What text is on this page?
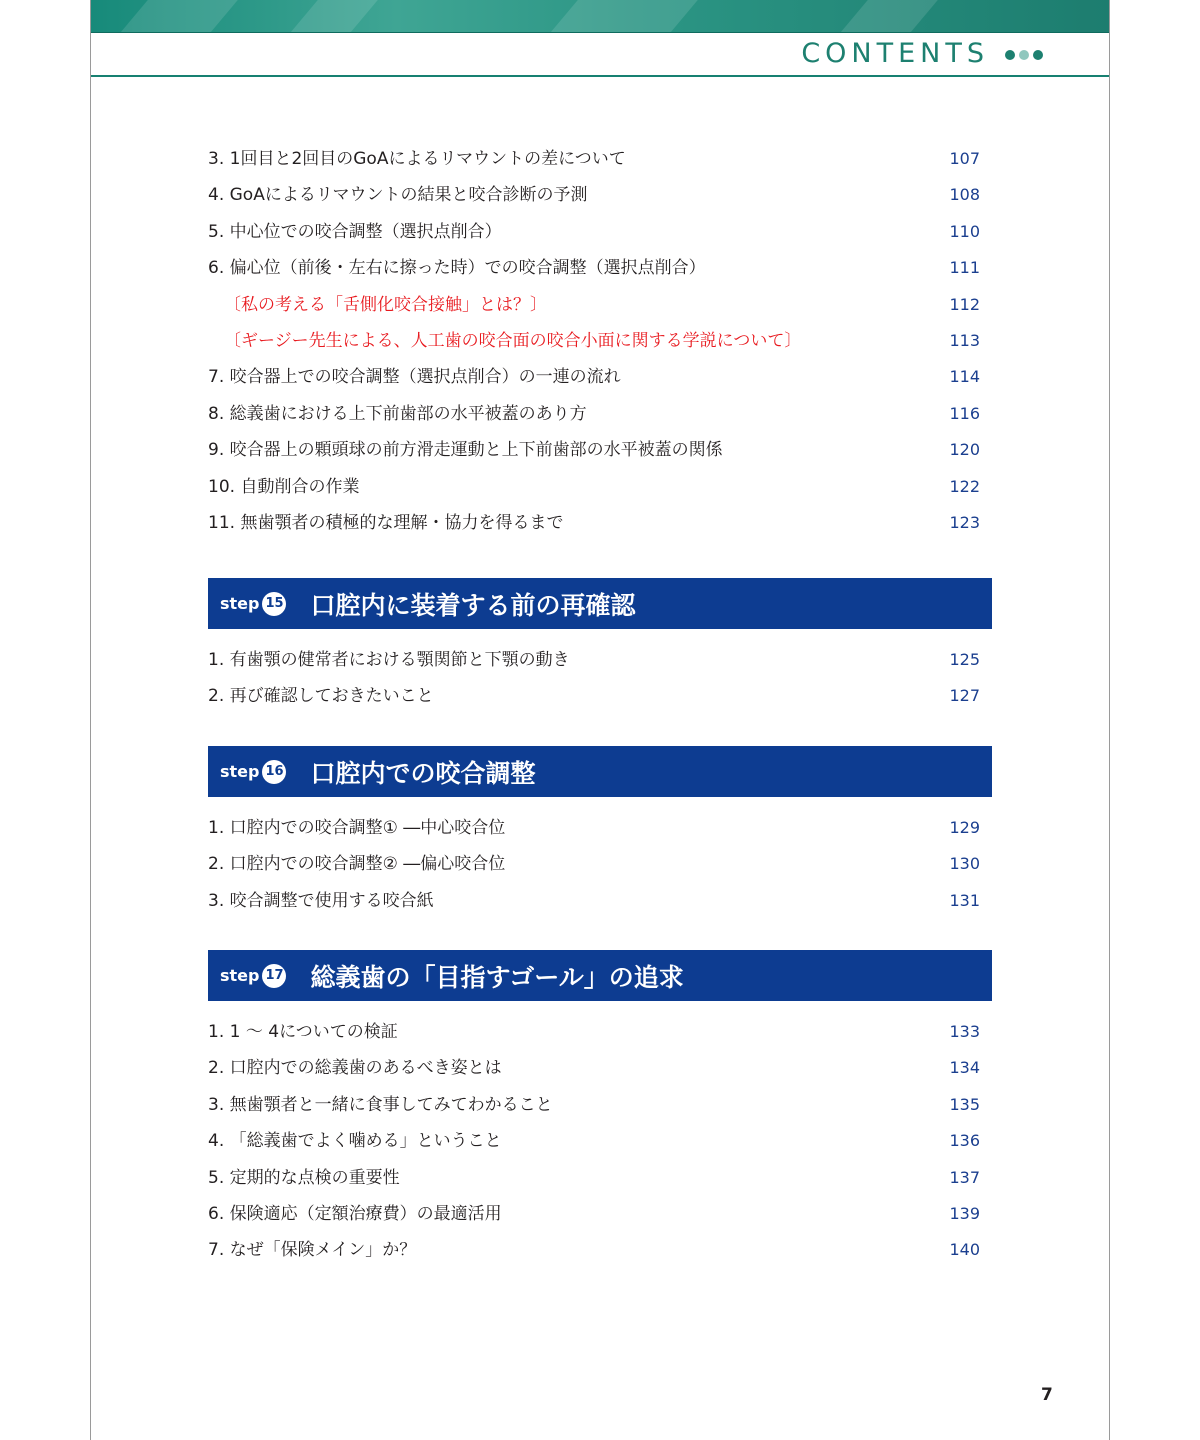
CONTENTS
3. 1回目と2回目のGoAによるリマウントの差について	107
4. GoAによるリマウントの結果と咬合診断の予測	108
5. 中心位での咬合調整（選択点削合）	110
6. 偏心位（前後・左右に擦った時）での咬合調整（選択点削合）	111
〔私の考える「舌側化咬合接触」とは？〕	112
〔ギージー先生による、人工歯の咬合面の咬合小面に関する学説について〕	113
7. 咬合器上での咬合調整（選択点削合）の一連の流れ	114
8. 総義歯における上下前歯部の水平被蓋のあり方	116
9. 咬合器上の顆頭球の前方滑走運動と上下前歯部の水平被蓋の関係	120
10. 自動削合の作業	122
11. 無歯顎者の積極的な理解・協力を得るまで	123
step 15 口腔内に装着する前の再確認
1. 有歯顎の健常者における顎関節と下顎の動き	125
2. 再び確認しておきたいこと	127
step 16 口腔内での咬合調整
1. 口腔内での咬合調整① ―中心咬合位	129
2. 口腔内での咬合調整② ―偏心咬合位	130
3. 咬合調整で使用する咬合紙	131
step 17 総義歯の「目指すゴール」の追求
1. 1 ～ 4についての検証	133
2. 口腔内での総義歯のあるべき姿とは	134
3. 無歯顎者と一緒に食事してみてわかること	135
4. 「総義歯でよく噛める」ということ	136
5. 定期的な点検の重要性	137
6. 保険適応（定額治療費）の最適活用	139
7. なぜ「保険メイン」か？	140
7
